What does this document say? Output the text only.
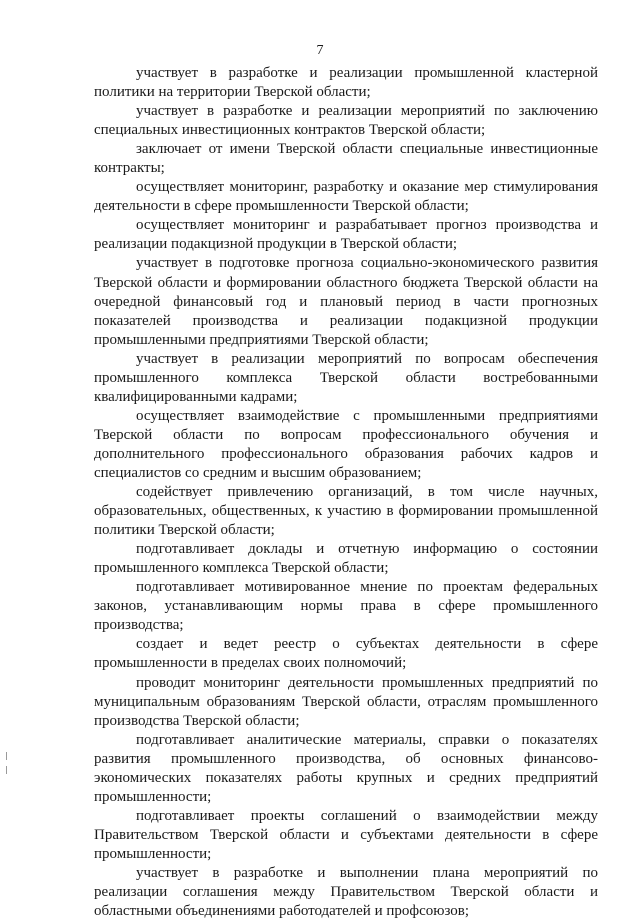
7

участвует в разработке и реализации промышленной кластерной политики на территории Тверской области;

участвует в разработке и реализации мероприятий по заключению специальных инвестиционных контрактов Тверской области;

заключает от имени Тверской области специальные инвестиционные контракты;

осуществляет мониторинг, разработку и оказание мер стимулирования деятельности в сфере промышленности Тверской области;

осуществляет мониторинг и разрабатывает прогноз производства и реализации подакцизной продукции в Тверской области;

участвует в подготовке прогноза социально-экономического развития Тверской области и формировании областного бюджета Тверской области на очередной финансовый год и плановый период в части прогнозных показателей производства и реализации подакцизной продукции промышленными предприятиями Тверской области;

участвует в реализации мероприятий по вопросам обеспечения промышленного комплекса Тверской области востребованными квалифицированными кадрами;

осуществляет взаимодействие с промышленными предприятиями Тверской области по вопросам профессионального обучения и дополнительного профессионального образования рабочих кадров и специалистов со средним и высшим образованием;

содействует привлечению организаций, в том числе научных, образовательных, общественных, к участию в формировании промышленной политики Тверской области;

подготавливает доклады и отчетную информацию о состоянии промышленного комплекса Тверской области;

подготавливает мотивированное мнение по проектам федеральных законов, устанавливающим нормы права в сфере промышленного производства;

создает и ведет реестр о субъектах деятельности в сфере промышленности в пределах своих полномочий;

проводит мониторинг деятельности промышленных предприятий по муниципальным образованиям Тверской области, отраслям промышленного производства Тверской области;

подготавливает аналитические материалы, справки о показателях развития промышленного производства, об основных финансово-экономических показателях работы крупных и средних предприятий промышленности;

подготавливает проекты соглашений о взаимодействии между Правительством Тверской области и субъектами деятельности в сфере промышленности;

участвует в разработке и выполнении плана мероприятий по реализации соглашения между Правительством Тверской области и областными объединениями работодателей и профсоюзов;
